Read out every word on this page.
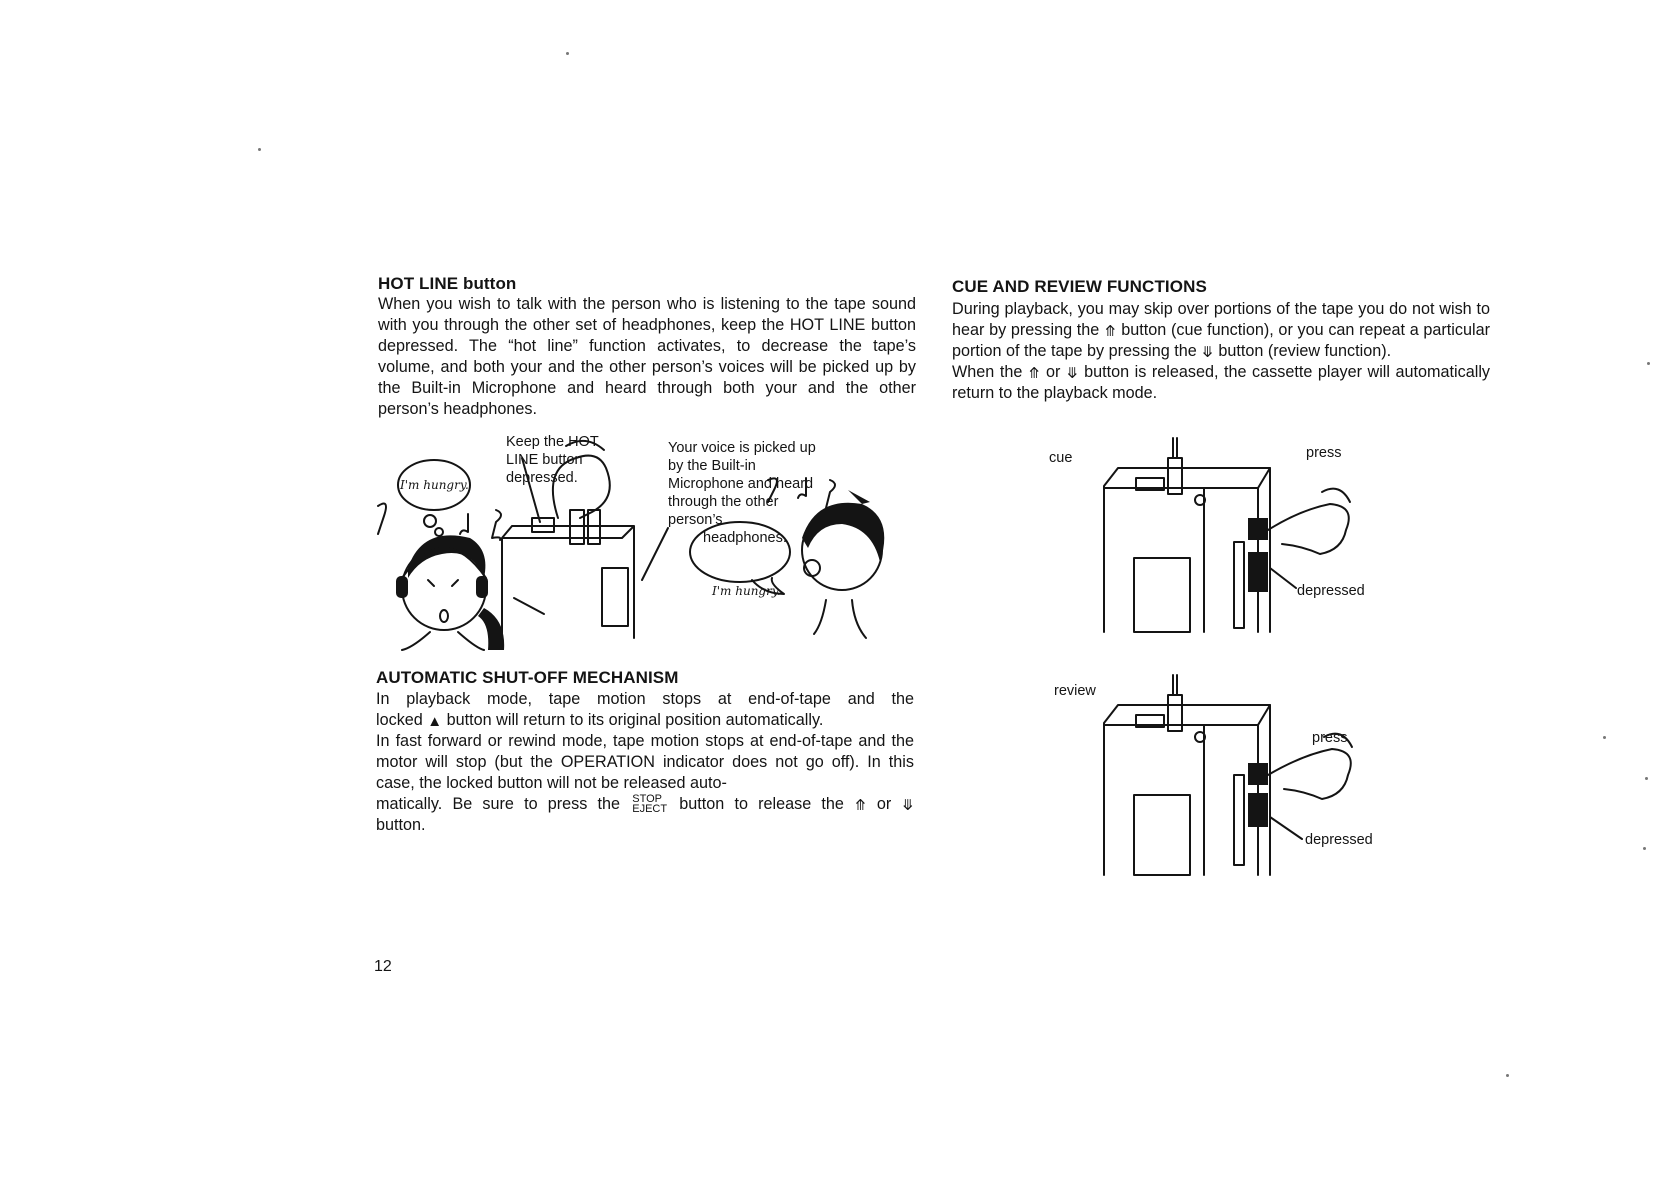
HOT LINE button
When you wish to talk with the person who is listening to the tape sound with you through the other set of headphones, keep the HOT LINE button depressed. The “hot line” function activates, to decrease the tape’s volume, and both your and the other person’s voices will be picked up by the Built-in Microphone and heard through both your and the other person’s headphones.
Keep the HOT LINE button depressed.
Your voice is picked up by the Built-in Microphone and heard through the other person’s
headphones.
I'm hungry.
I'm hungry.
AUTOMATIC SHUT-OFF MECHANISM
In playback mode, tape motion stops at end-of-tape and the
locked ▲ button will return to its original position automatically.
In fast forward or rewind mode, tape motion stops at end-of-tape and the motor will stop (but the OPERATION indicator does not go off). In this case, the locked button will not be released auto-
matically. Be sure to press the STOP
EJECT button to release the ⤊ or ⤋
button.
12
CUE AND REVIEW FUNCTIONS
During playback, you may skip over portions of the tape you do not wish to hear by pressing the ⤊ button (cue function), or you can repeat a particular portion of the tape by pressing the ⤋ button (review function).
When the ⤊ or ⤋ button is released, the cassette player will automatically return to the playback mode.
cue	press
depressed
review
press
depressed
